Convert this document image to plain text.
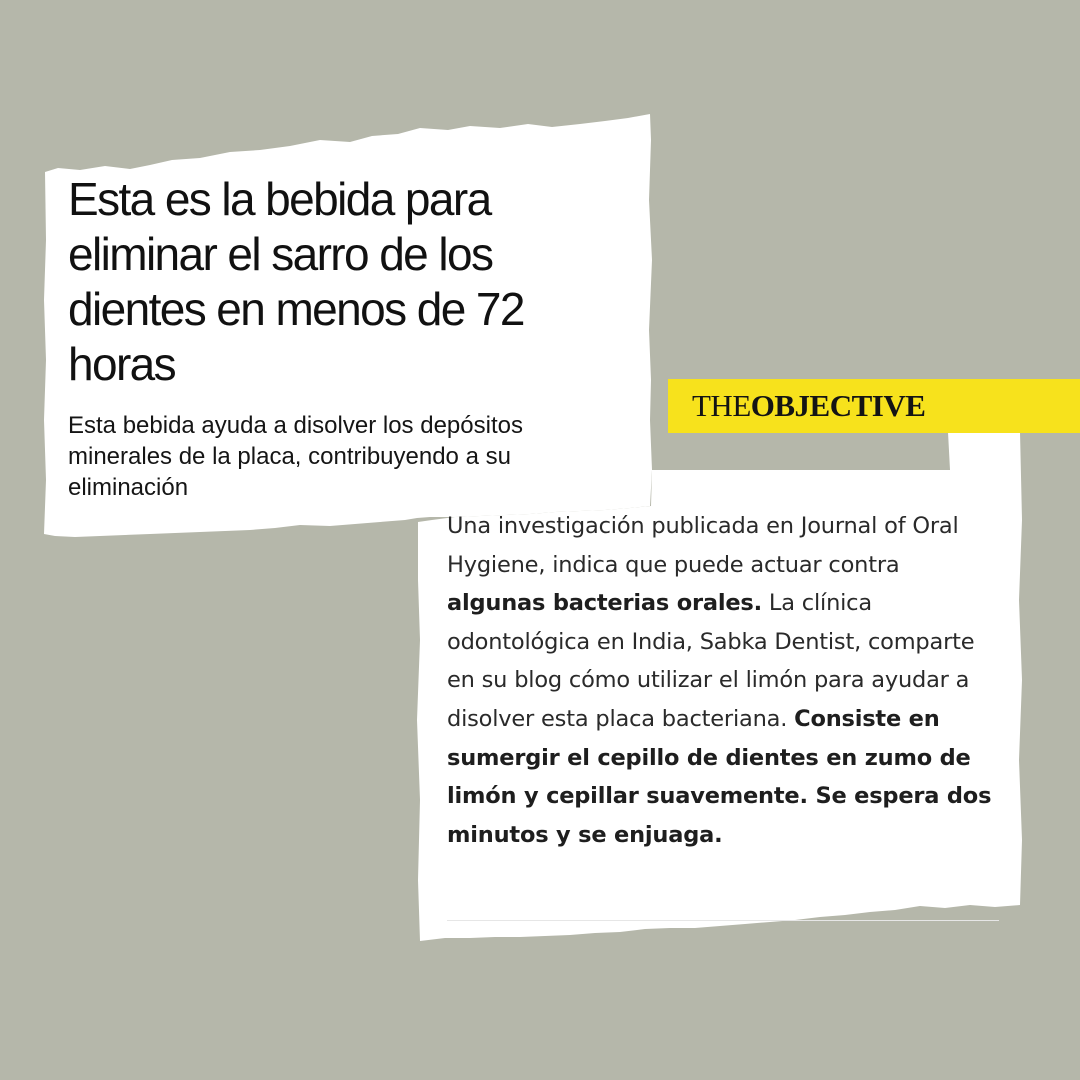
Esta es la bebida para eliminar el sarro de los dientes en menos de 72 horas

Esta bebida ayuda a disolver los depósitos minerales de la placa, contribuyendo a su eliminación

THEOBJECTIVE

Una investigación publicada en Journal of Oral Hygiene, indica que puede actuar contra algunas bacterias orales. La clínica odontológica en India, Sabka Dentist, comparte en su blog cómo utilizar el limón para ayudar a disolver esta placa bacteriana. Consiste en sumergir el cepillo de dientes en zumo de limón y cepillar suavemente. Se espera dos minutos y se enjuaga.
